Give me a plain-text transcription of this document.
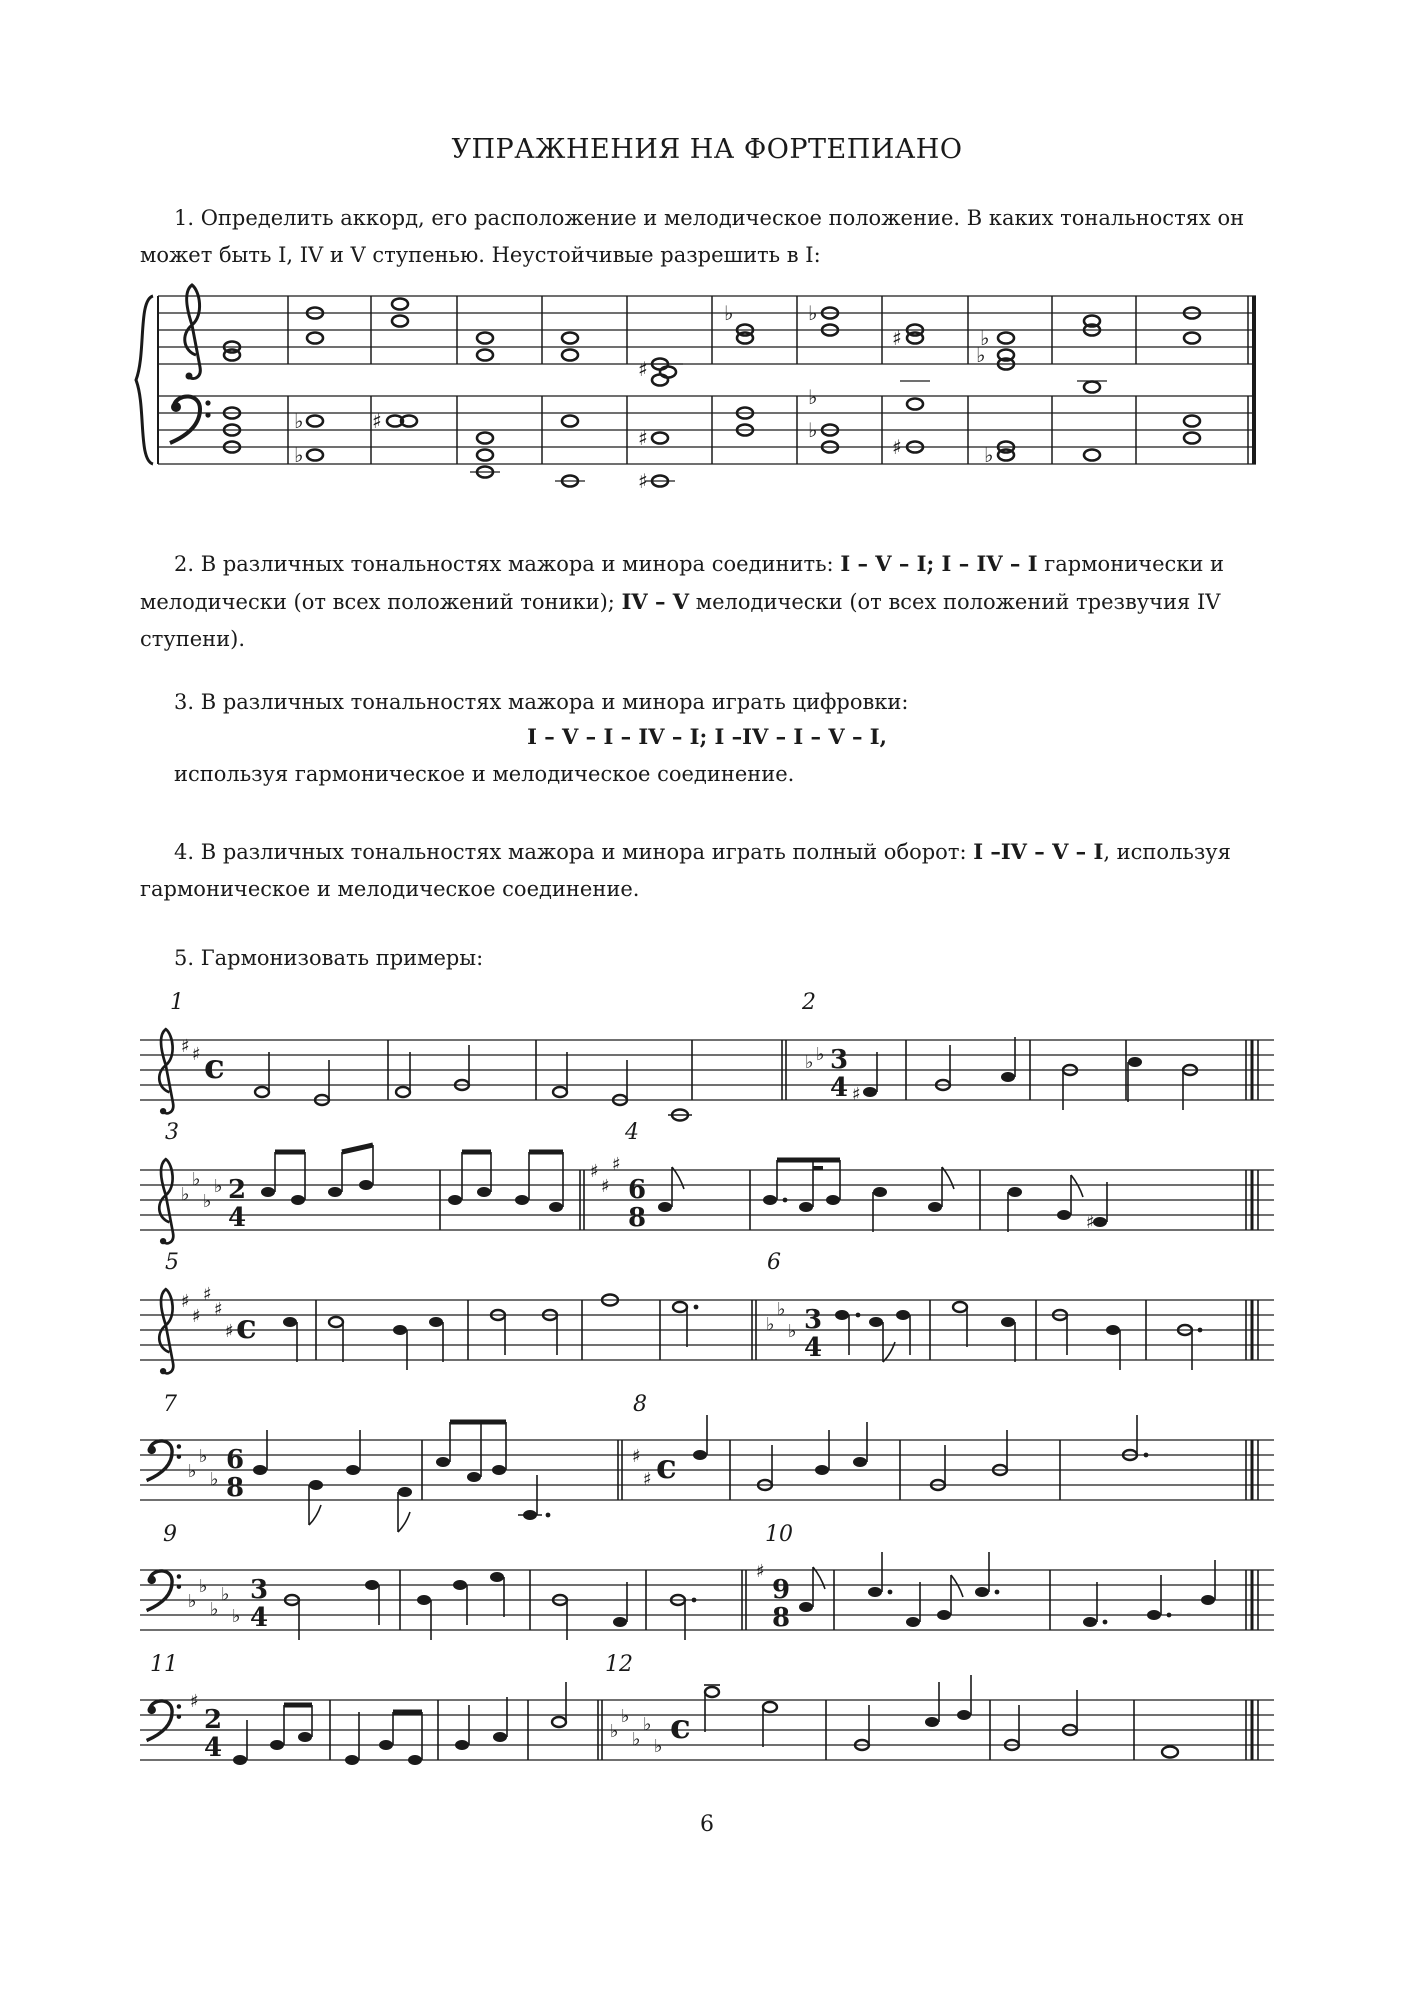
УПРАЖНЕНИЯ НА ФОРТЕПИАНО
1. Определить аккорд, его расположение и мелодическое положение. В каких тональностях он
может быть I, IV и V ступенью. Неустойчивые разрешить в I:
2. В различных тональностях мажора и минора соединить: I – V – I; I – IV – I гармонически и
мелодически (от всех положений тоники); IV – V мелодически (от всех положений трезвучия IV
ступени).
3. В различных тональностях мажора и минора играть цифровки:
I – V – I – IV – I; I –IV – I – V – I,
используя гармоническое и мелодическое соединение.
4. В различных тональностях мажора и минора играть полный оборот: I –IV – V – I, используя
гармоническое и мелодическое соединение.
5. Гармонизовать примеры:
1	2
3	4
5	6
7	8
9	10
11	12
6
♭
♭
♯
♯
♯
♯
♭	♭
♭
♭
♯
♯
♭
♭
♭
♯ ♯ c	♭ ♭ 3
4 ♯
♭
♭
♭
♭ 2
4
♯
♯
♯
6
8	♯
♯
♯
♯
♯
♯ c	♭
♭
♭ 3
4
♭
♭
♭
6
8
♯
♯ c
♭
♭
♭
♭
♭
3
4
♯
9
8
♯
2
4
♭
♭
♭
♭
♭ c
